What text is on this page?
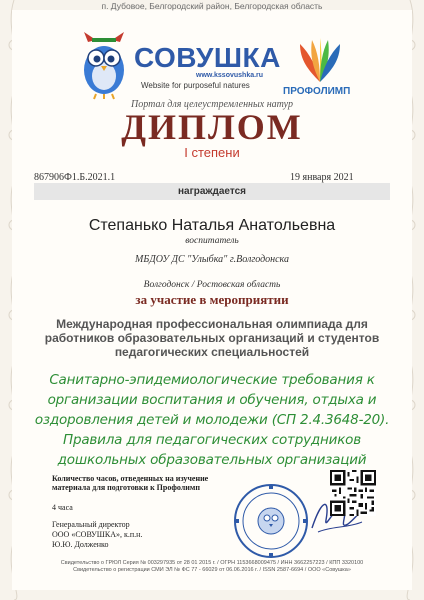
п. Дубовое, Белгородский район, Белгородская область
СОВУШКА
www.kssovushka.ru
Website for purposeful natures
ПРОФОЛИМП
Портал для целеустремленных натур
ДИПЛОМ
I степени
867906Ф1.Б.2021.1	19 января 2021
награждается
Степанько Наталья Анатольевна
воспитатель
МБДОУ ДС "Улыбка" г.Волгодонска
Волгодонск / Ростовская область
за участие в мероприятии
Международная профессиональная олимпиада для работников образовательных организаций и студентов педагогических специальностей
Санитарно-эпидемиологические требования к организации воспитания и обучения, отдыха и оздоровления детей и молодежи (СП 2.4.3648-20). Правила для педагогических сотрудников дошкольных образовательных организаций
Количество часов, отведенных на изучение материала для подготовки к Профолимп
4 часа
Генеральный директор
ООО «СОВУШКА», к.п.н.
Ю.Ю. Долженко
Свидетельство о ГРЮЛ Серия № 003297935 от 28 01 2015 г. / ОГРН 1153668009475 / ИНН 3662257223 / КПП 3320100
Свидетельство о регистрации СМИ ЭЛ № ФС 77 - 66029 от 06.06.2016 г. / ISSN 2587-6694 / ООО «Совушка»
